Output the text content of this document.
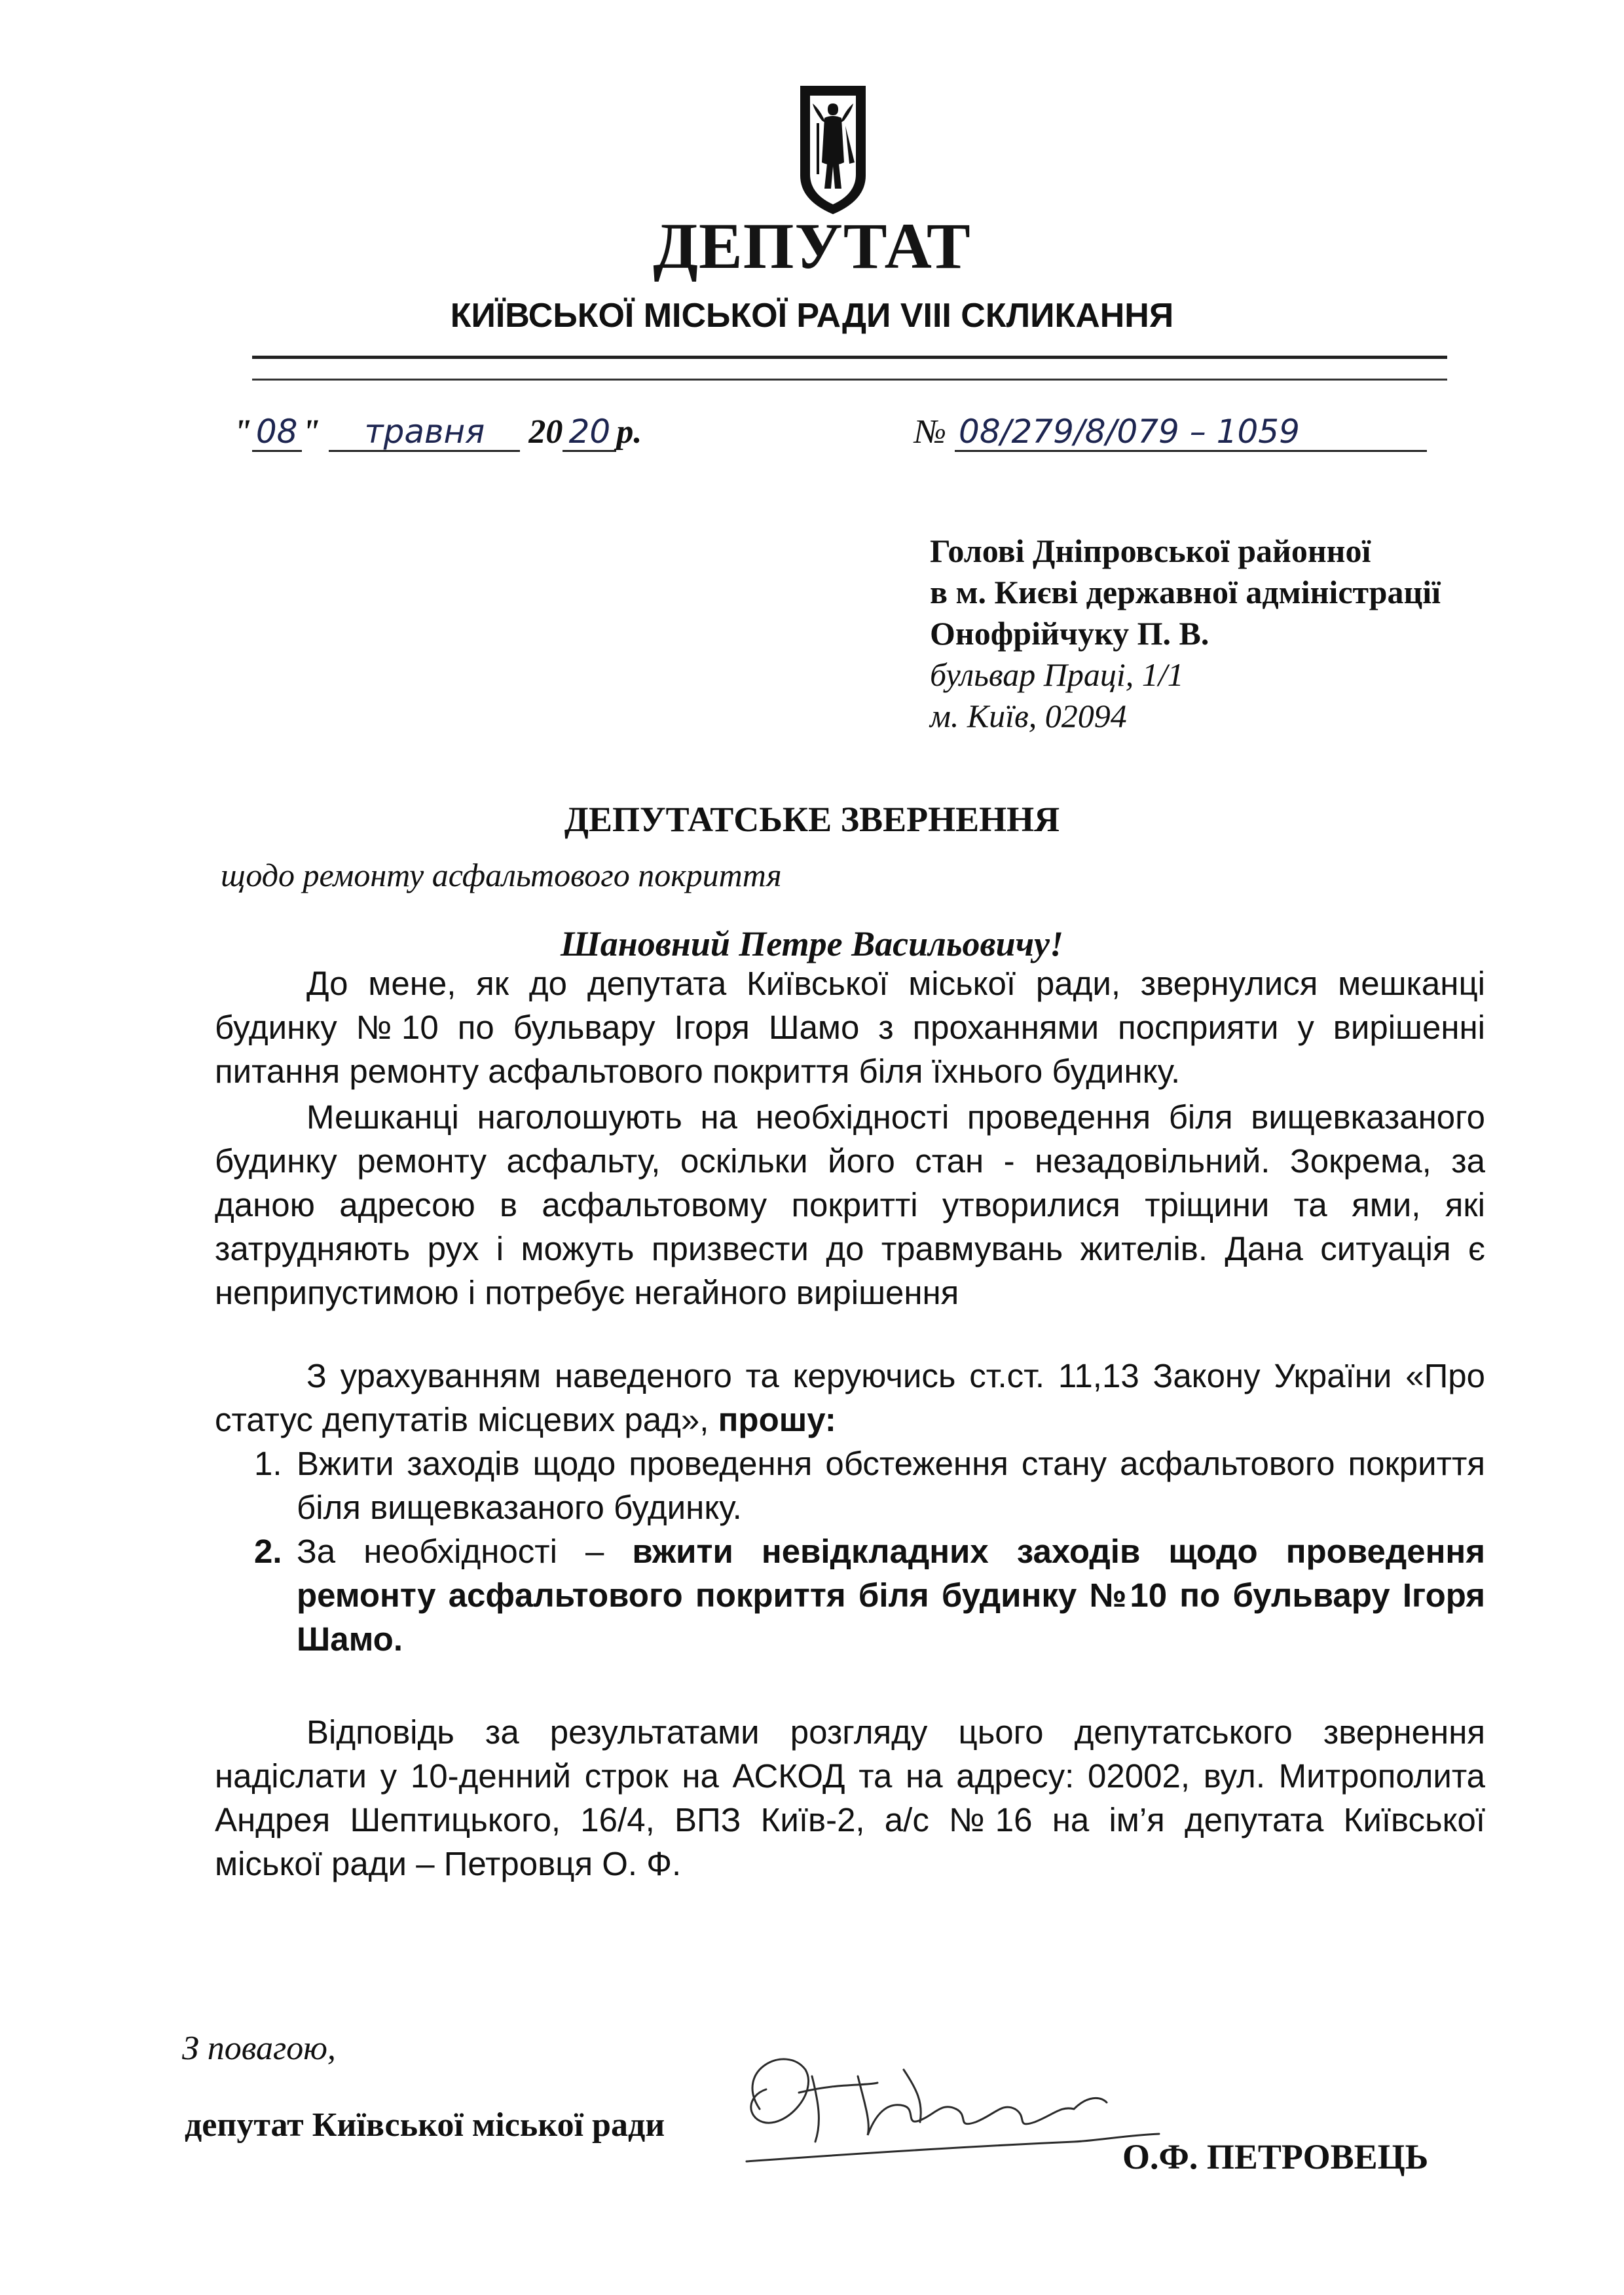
ДЕПУТАТ
КИЇВСЬКОЇ МІСЬКОЇ РАДИ VIII СКЛИКАННЯ
" 08 " травня 20 20 р.	№ 08/279/8/079 – 1059
Голові Дніпровської районної
в м. Києві державної адміністрації
Онофрійчуку П. В.
бульвар Праці, 1/1
м. Київ, 02094
ДЕПУТАТСЬКЕ ЗВЕРНЕННЯ
щодо ремонту асфальтового покриття
Шановний Петре Васильовичу!

До мене, як до депутата Київської міської ради, звернулися мешканці будинку №10 по бульвару Ігоря Шамо з проханнями посприяти у вирішенні питання ремонту асфальтового покриття біля їхнього будинку.

Мешканці наголошують на необхідності проведення біля вищевказаного будинку ремонту асфальту, оскільки його стан - незадовільний. Зокрема, за даною адресою в асфальтовому покритті утворилися тріщини та ями, які затрудняють рух і можуть призвести до травмувань жителів. Дана ситуація є неприпустимою і потребує негайного вирішення

З урахуванням наведеного та керуючись ст.ст. 11,13 Закону України «Про статус депутатів місцевих рад», прошу:

1. Вжити заходів щодо проведення обстеження стану асфальтового покриття біля вищевказаного будинку.
2. За необхідності – вжити невідкладних заходів щодо проведення ремонту асфальтового покриття біля будинку №10 по бульвару Ігоря Шамо.

Відповідь за результатами розгляду цього депутатського звернення надіслати у 10-денний строк на АСКОД та на адресу: 02002, вул. Митрополита Андрея Шептицького, 16/4, ВПЗ Київ-2, а/с №16 на ім’я депутата Київської міської ради – Петровця О. Ф.

З повагою,
депутат Київської міської ради
О.Ф. ПЕТРОВЕЦЬ
